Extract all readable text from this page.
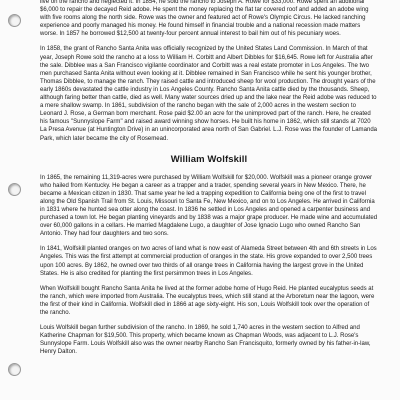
live on the rancho and neglected it. In 1854, he sold the rancho to Joseph A. Rowe for $33,000. Rowe spent an additional $6,000 to repair the decayed Reid adobe. He spent the money replacing the flat tar covered roof and added an adobe wing with five rooms along the north side. Rowe was the owner and featured act of Rowe's Olympic Circus. He lacked ranching experience and poorly managed his money. He found himself in financial trouble and a national recession made matters worse. In 1857 he borrowed $12,500 at twenty-four percent annual interest to bail him out of his pecuniary woes.

In 1858, the grant of Rancho Santa Anita was officially recognized by the United States Land Commission. In March of that year, Joseph Rowe sold the rancho at a loss to William H. Corbitt and Albert Dibbles for $16,645. Rowe left for Australia after the sale. Dibblee was a San Francisco vigilante coordinator and Corbitt was a real estate promoter in Los Angeles. The two men purchased Santa Anita without even looking at it. Dibblee remained in San Francisco while he sent his younger brother, Thomas Dibblee, to manage the ranch. They raised cattle and introduced sheep for wool production. The drought years of the early 1860s devastated the cattle industry in Los Angeles County. Rancho Santa Anita cattle died by the thousands. Sheep, although faring better than cattle, died as well. Many water sources dried up and the lake near the Reid adobe was reduced to a mere shallow swamp. In 1861, subdivision of the rancho began with the sale of 2,000 acres in the western section to Leonard J. Rose, a German born merchant. Rose paid $2.00 an acre for the unimproved part of the ranch. Here, he created his famous "Sunnyslope Farm" and raised award winning show horses. He built his home in 1862, which still stands at 7020 La Presa Avenue (at Huntington Drive) in an unincorporated area north of San Gabriel. L.J. Rose was the founder of Lamanda Park, which later became the city of Rosemead.

William Wolfskill

In 1865, the remaining 11,319-acres were purchased by William Wolfskill for $20,000. Wolfskill was a pioneer orange grower who hailed from Kentucky. He began a career as a trapper and a trader, spending several years in New Mexico. There, he became a Mexican citizen in 1830. That same year he led a trapping expedition to California being one of the first to travel along the Old Spanish Trail from St. Louis, Missouri to Santa Fe, New Mexico, and on to Los Angeles. He arrived in California in 1831 where he hunted sea otter along the coast. In 1836 he settled in Los Angeles and opened a carpenter business and purchased a town lot. He began planting vineyards and by 1838 was a major grape producer. He made wine and accumulated over 60,000 gallons in a cellars. He married Magdalene Lugo, a daughter of Jose Ignacio Lugo who owned Rancho San Antonio. They had four daughters and two sons.

In 1841, Wolfskill planted oranges on two acres of land what is now east of Alameda Street between 4th and 6th streets in Los Angeles. This was the first attempt at commercial production of oranges in the state. His grove expanded to over 2,500 trees upon 100 acres. By 1862, he owned over two thirds of all orange trees in California having the largest grove in the United States. He is also credited for planting the first persimmon trees in Los Angeles.

When Wolfskill bought Rancho Santa Anita he lived at the former adobe home of Hugo Reid. He planted eucalyptus seeds at the ranch, which were imported from Australia. The eucalyptus trees, which still stand at the Arboretum near the lagoon, were the first of their kind in California. Wolfskill died in 1866 at age sixty-eight. His son, Louis Wolfskill took over the operation of the rancho.

Louis Wolfskill began further subdivision of the rancho. In 1869, he sold 1,740 acres in the western section to Alfred and Katherine Chapman for $19,500. This property, which became known as Chapman Woods, was adjacent to L.J. Rose's Sunnyslope Farm. Louis Wolfskill also was the owner nearby Rancho San Francisquito, formerly owned by his father-in-law, Henry Dalton.
